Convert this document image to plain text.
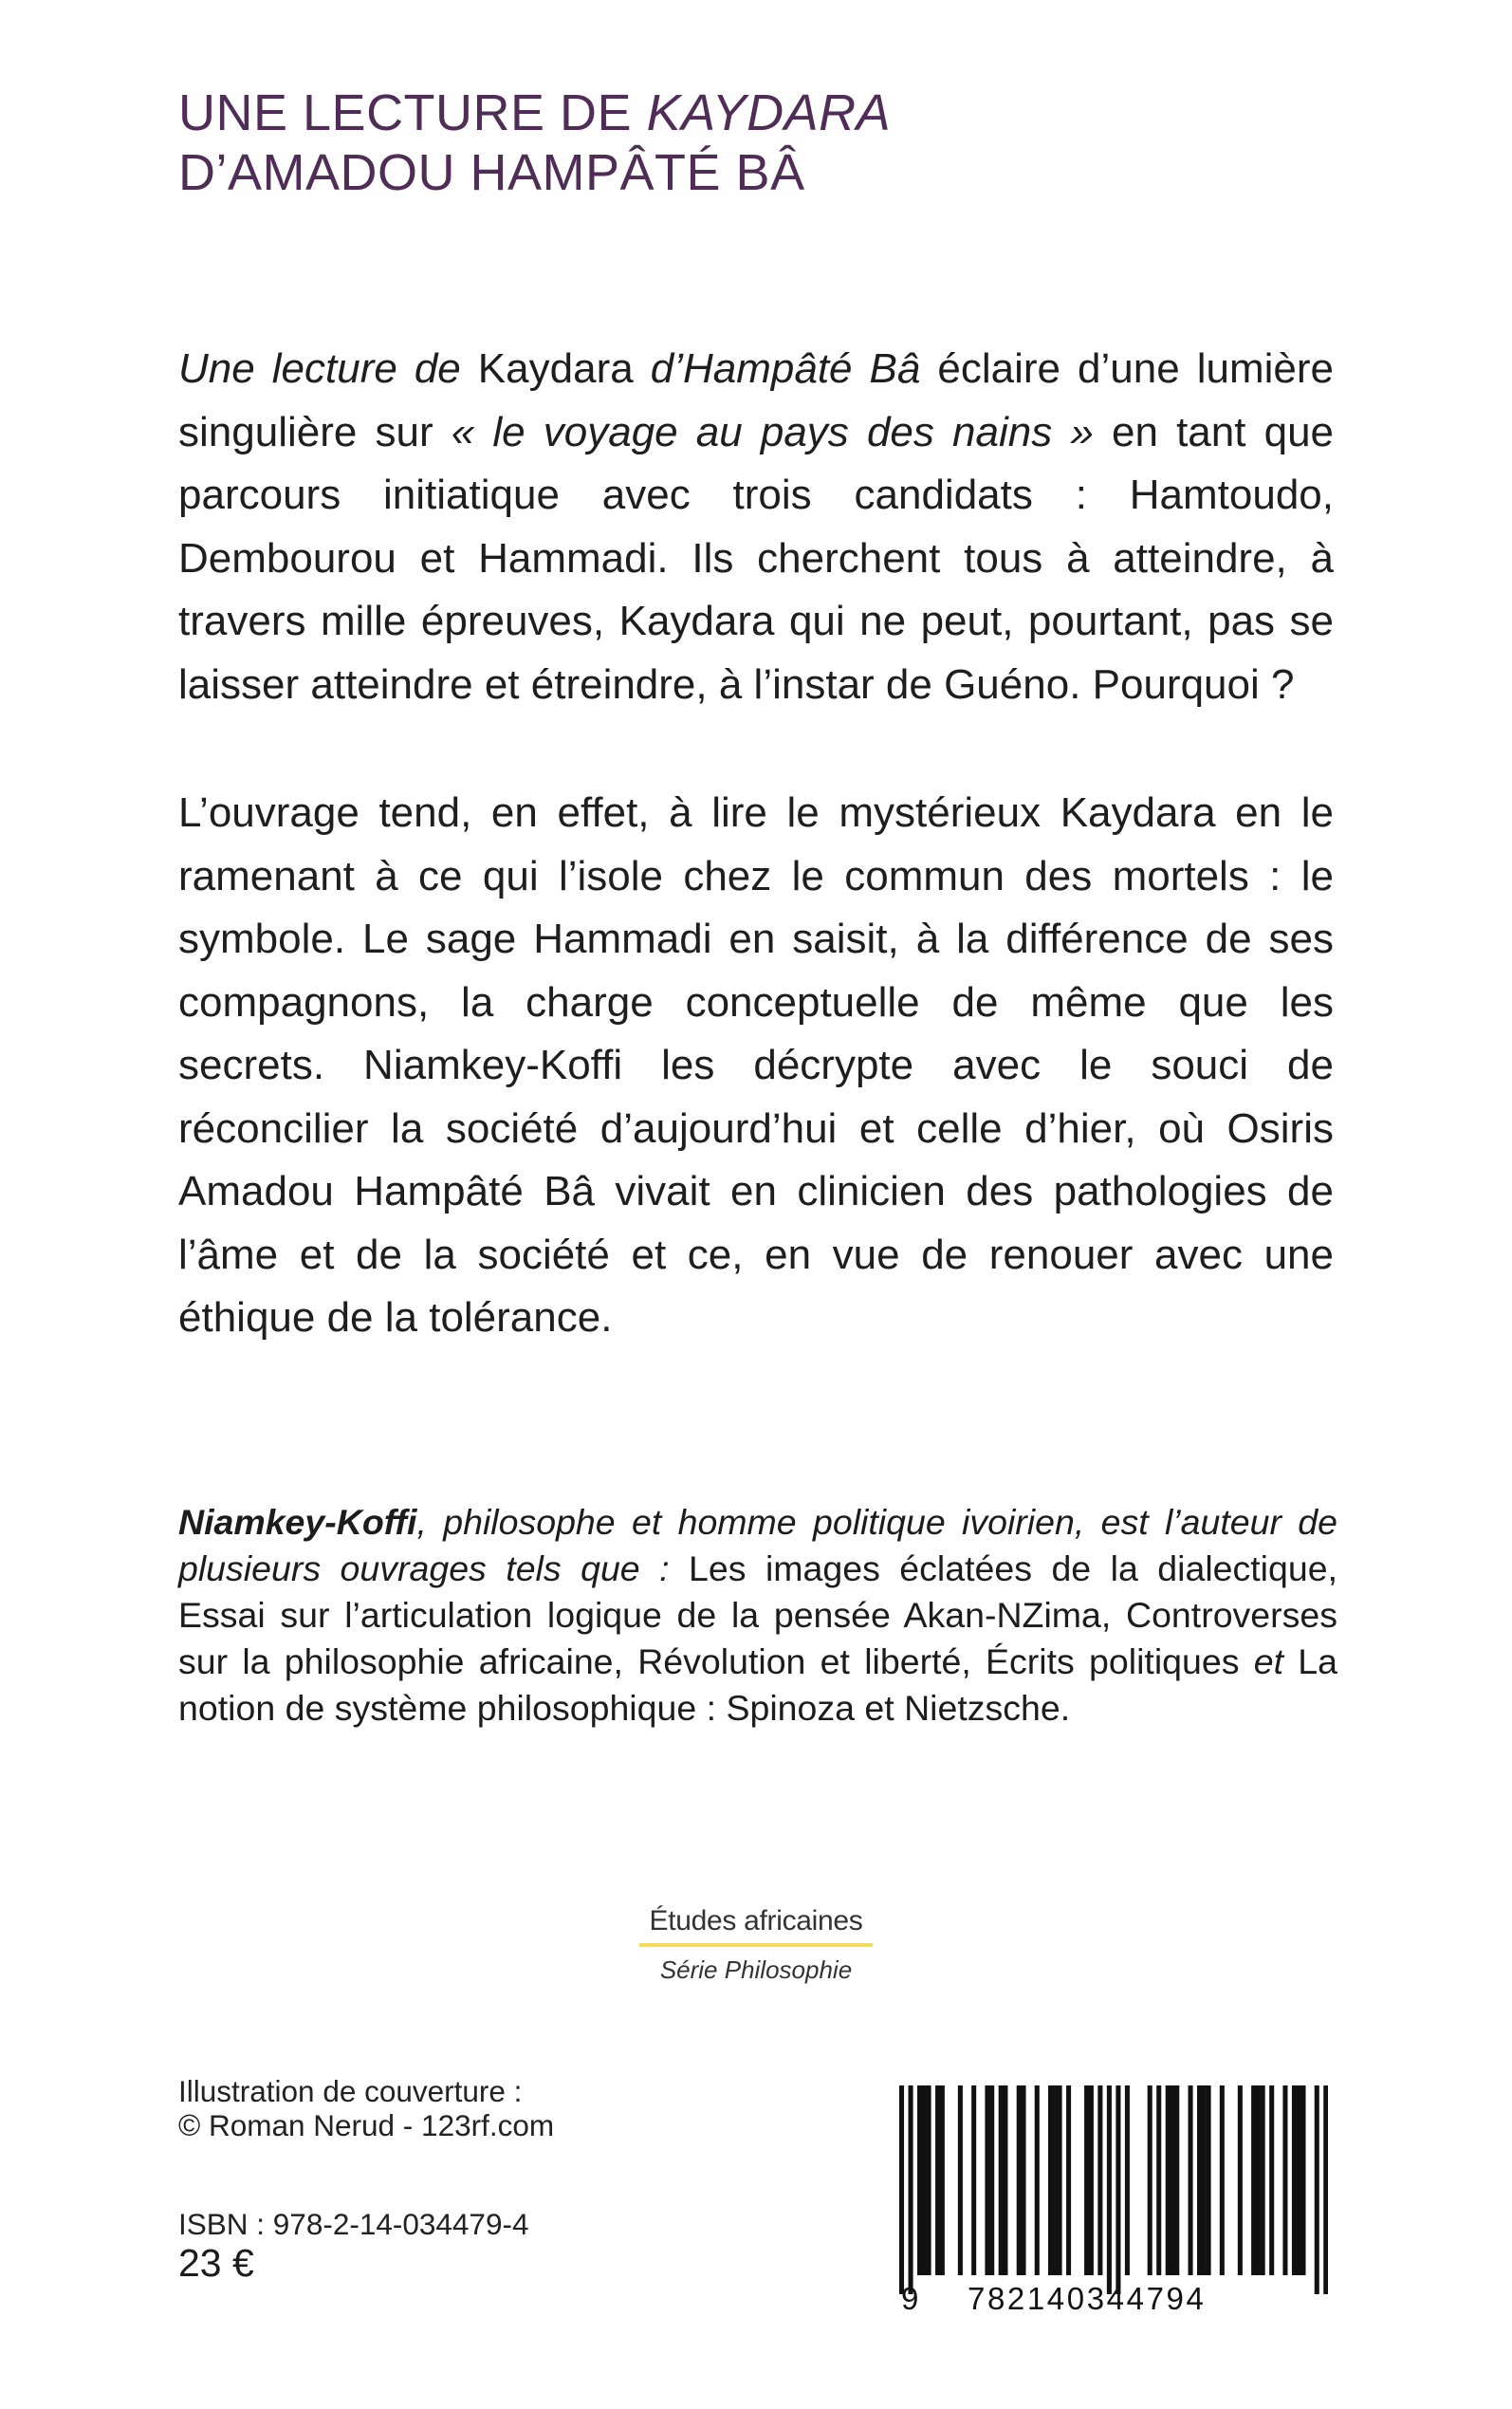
UNE LECTURE DE KAYDARA
D’AMADOU HAMPÂTÉ BÂ

Une lecture de Kaydara d’Hampâté Bâ éclaire d’une lumière singulière sur « le voyage au pays des nains » en tant que parcours initiatique avec trois candidats : Hamtoudo, Dembourou et Hammadi. Ils cherchent tous à atteindre, à travers mille épreuves, Kaydara qui ne peut, pourtant, pas se laisser atteindre et étreindre, à l’instar de Guéno. Pourquoi ?

L’ouvrage tend, en effet, à lire le mystérieux Kaydara en le ramenant à ce qui l’isole chez le commun des mortels : le symbole. Le sage Hammadi en saisit, à la différence de ses compagnons, la charge conceptuelle de même que les secrets. Niamkey-Koffi les décrypte avec le souci de réconcilier la société d’aujourd’hui et celle d’hier, où Osiris Amadou Hampâté Bâ vivait en clinicien des pathologies de l’âme et de la société et ce, en vue de renouer avec une éthique de la tolérance.

Niamkey-Koffi, philosophe et homme politique ivoirien, est l’auteur de plusieurs ouvrages tels que : Les images éclatées de la dialectique, Essai sur l’articulation logique de la pensée Akan-NZima, Controverses sur la philosophie africaine, Révolution et liberté, Écrits politiques et La notion de système philosophique : Spinoza et Nietzsche.

Études africaines
Série Philosophie
Illustration de couverture :
© Roman Nerud - 123rf.com
ISBN : 978-2-14-034479-4
23 €
9 782140344794
